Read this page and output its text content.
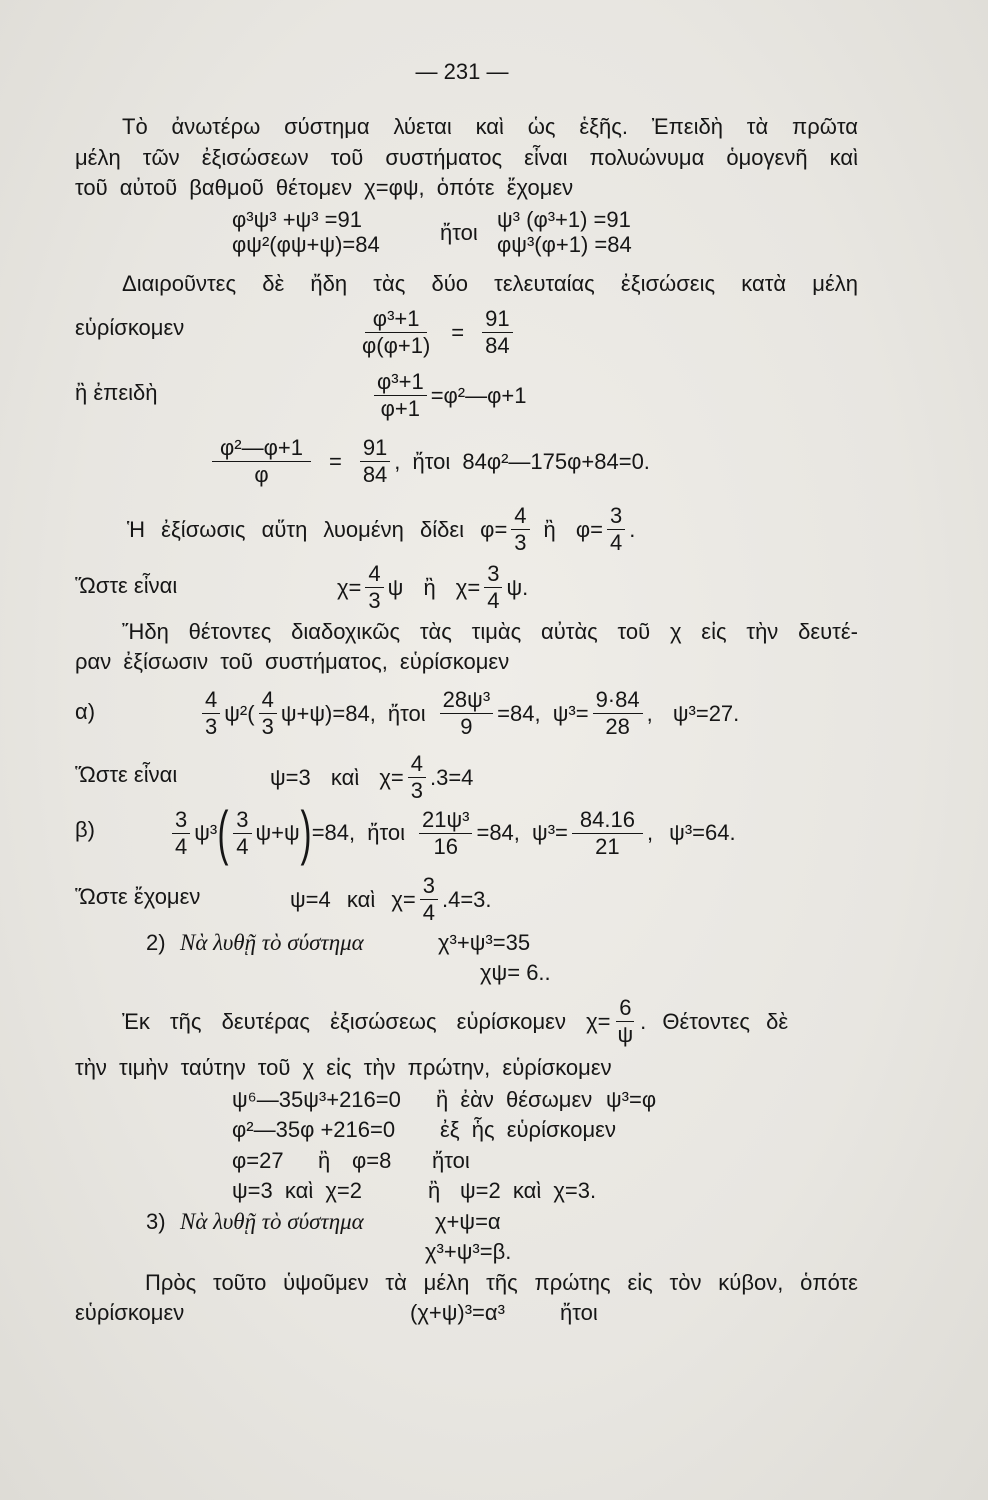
— 231 —
Τὸ ἀνωτέρω σύστημα λύεται καὶ ὡς ἑξῆς. Ἐπειδὴ τὰ πρῶτα
μέλη τῶν ἐξισώσεων τοῦ συστήματος εἶναι πολυώνυμα ὁμογενῆ καὶ
τοῦ αὐτοῦ βαθμοῦ θέτομεν χ=φψ, ὁπότε ἔχομεν
φ³ψ³ +ψ³ =91
φψ²(φψ+ψ)=84	ἤτοι
ψ³ (φ³+1) =91
φψ³(φ+1) =84
Διαιροῦντες δὲ ἤδη τὰς δύο τελευταίας ἐξισώσεις κατὰ μέλη
εὑρίσκομεν	$\frac{\text{φ³+1}}{\varphi(\varphi+1)} = \frac{91}{84}$
ἢ ἐπειδὴ	$\frac{\text{φ³+1}}{\varphi+1}$ =φ²—φ+1
$\frac{\text{φ²—φ+1}}{\varphi} = \frac{91}{84}$ , ἤτοι 84φ²—175φ+84=0.
Ἡ ἐξίσωσις αὕτη λυομένη δίδει $\varphi= \frac{4}{3}$ ἢ $\varphi= \frac{3}{4}$ .
Ὥστε εἶναι	$\chi= \frac{4}{3}$ ψ ἢ $\chi= \frac{3}{4} \psi$.
Ἤδη θέτοντες διαδοχικῶς τὰς τιμὰς αὐτὰς τοῦ χ εἰς τὴν δευτέ-
ραν ἐξίσωσιν τοῦ συστήματος, εὑρίσκομεν
α)	$\frac{4}{3} \psi^2( \frac{4}{3} \psi+\psi)=84$, ἤτοι $\frac{\text{28ψ³}}{9} =84$, $\psi^3= \frac{9\cdot 84}{28}$ , ψ³=27.
Ὥστε εἶναι	ψ=3 καὶ $\chi= \frac{4}{3} .3=4$
β)	$\frac{3}{4} \psi^3$ ( $\frac{3}{4} \psi+\psi$ ) =84, ἤτοι $\frac{\text{21ψ³}}{16} =84$, $\psi^3= \frac{84.16}{21}$ , ψ³=64.
Ὥστε ἔχομεν	ψ=4 καὶ $\chi= \frac{3}{4} .4=3$.
2) Νὰ λυθῇ τὸ σύστημα	χ³+ψ³=35
χψ= 6..
Ἐκ τῆς δευτέρας ἐξισώσεως εὑρίσκομεν $\chi= \frac{6}{\psi}$ . Θέτοντες δὲ
τὴν τιμὴν ταύτην τοῦ χ εἰς τὴν πρώτην, εὑρίσκομεν
ψ⁶—35ψ³+216=0 ἢ ἐὰν θέσωμεν ψ³=φ
φ²—35φ +216=0 ἐξ ἧς εὑρίσκομεν
φ=27 ἢ φ=8 ἤτοι
ψ=3 καὶ χ=2	ἢ ψ=2 καὶ χ=3.
3) Νὰ λυθῇ τὸ σύστημα	χ+ψ=α
χ³+ψ³=β.
Πρὸς τοῦτο ὑψοῦμεν τὰ μέλη τῆς πρώτης εἰς τὸν κύβον, ὁπότε
εὑρίσκομεν	(χ+ψ)³=α³	ἤτοι
